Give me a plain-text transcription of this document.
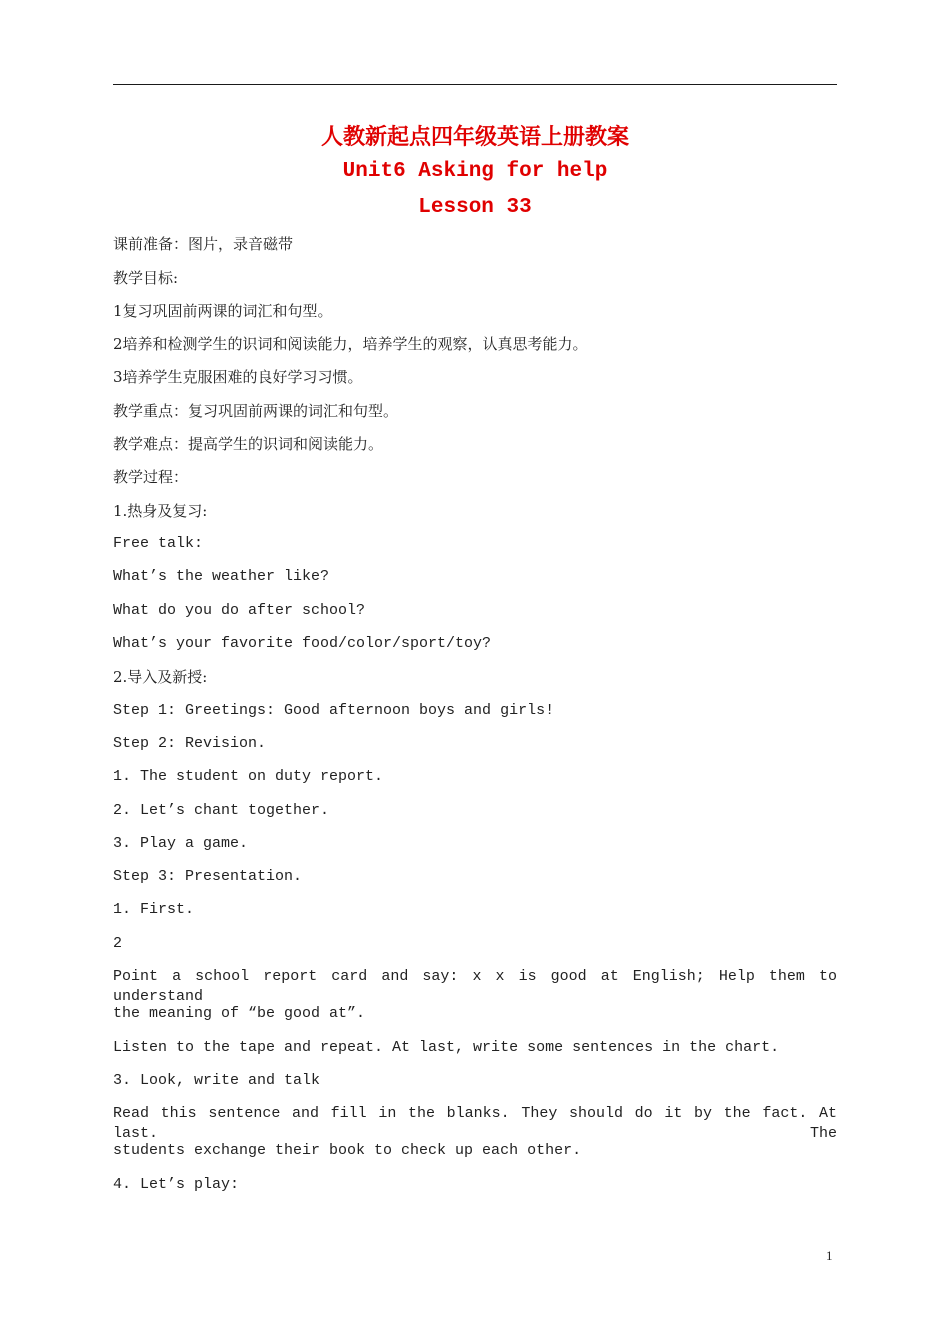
人教新起点四年级英语上册教案
Unit6 Asking for help
Lesson 33
课前准备：图片，录音磁带
教学目标:
1复习巩固前两课的词汇和句型。
2培养和检测学生的识词和阅读能力，培养学生的观察，认真思考能力。
3培养学生克服困难的良好学习习惯。
教学重点：复习巩固前两课的词汇和句型。
教学难点：提高学生的识词和阅读能力。
教学过程：
1.热身及复习:
Free talk:
What’s the weather like?
What do you do after school?
What’s your favorite food/color/sport/toy?
2.导入及新授:
Step 1: Greetings: Good afternoon boys and girls!
Step 2: Revision.
1. The student on duty report.
2. Let’s chant together.
3. Play a game.
Step 3: Presentation.
1. First.
2
Point a school report card and say: x x is good at English; Help them to understand
the meaning of “be good at”.
Listen to the tape and repeat. At last, write some sentences in the chart.
3. Look, write and talk
Read this sentence and fill in the blanks. They should do it by the fact. At last. The
students exchange their book to check up each other.
4. Let’s play:
1
